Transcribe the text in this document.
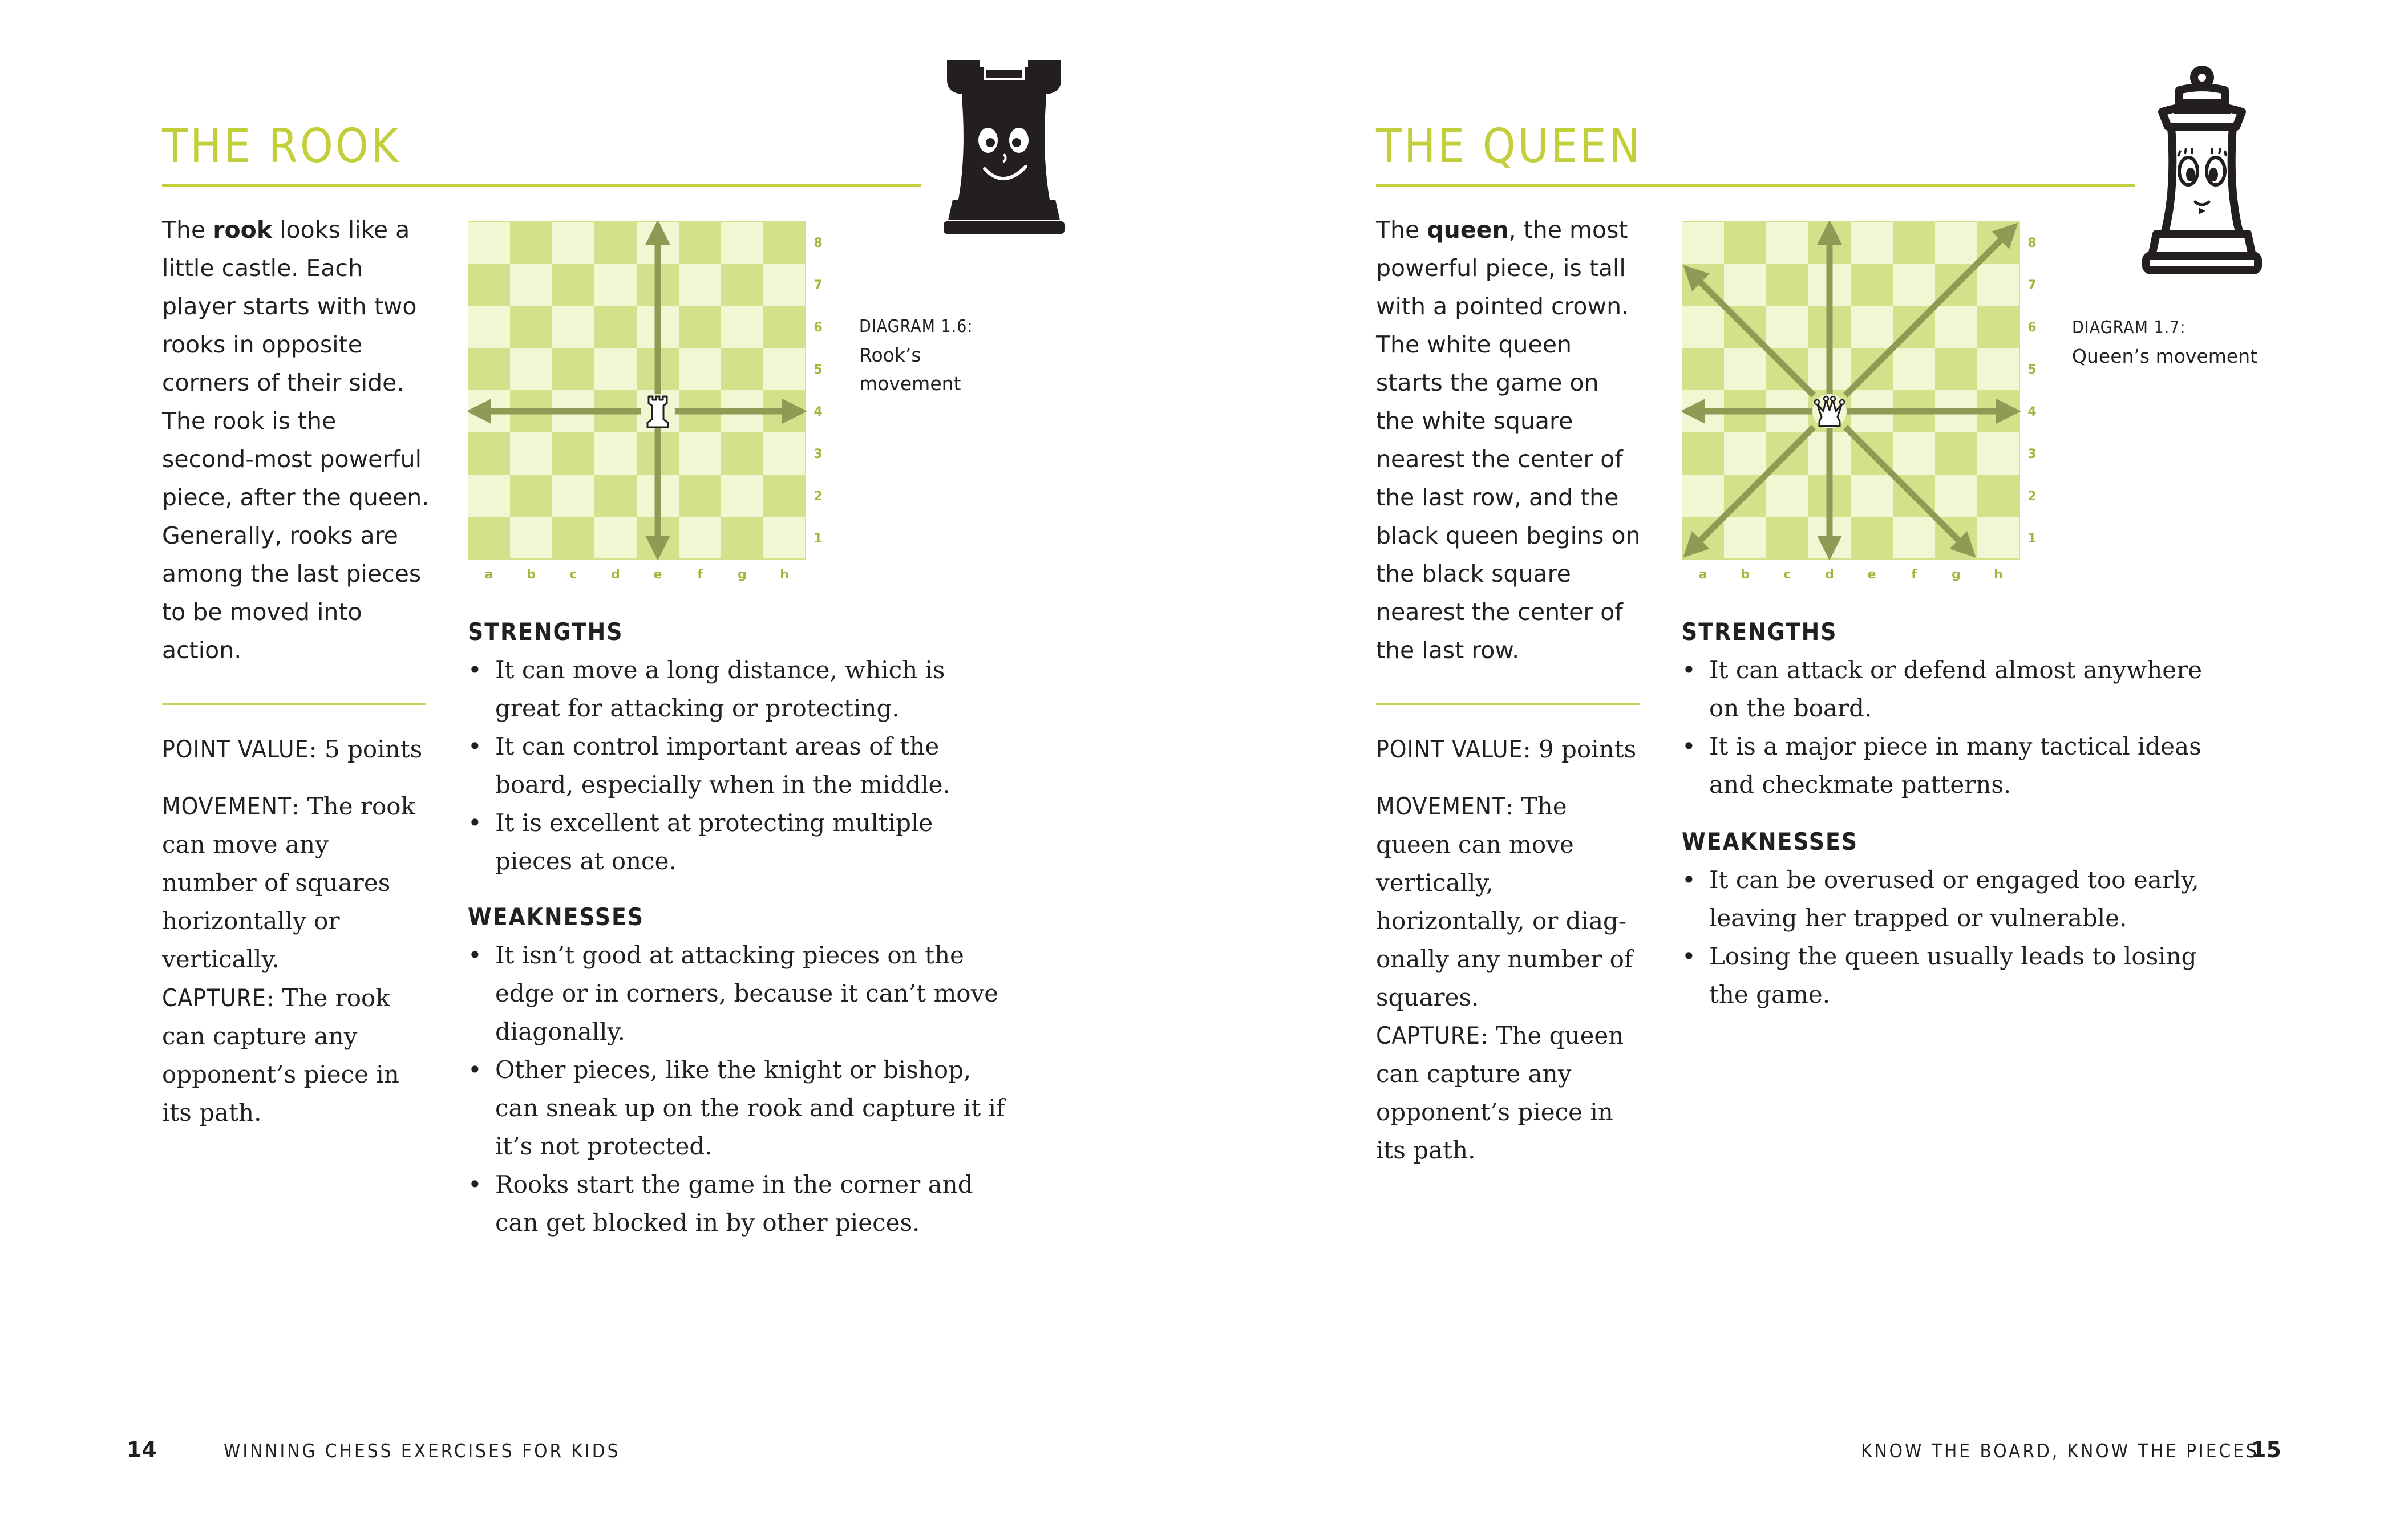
THE ROOK

The rook looks like a little castle. Each player starts with two rooks in opposite corners of their side. The rook is the second-most powerful piece, after the queen. Generally, rooks are among the last pieces to be moved into action.

POINT VALUE: 5 points
MOVEMENT: The rook can move any number of squares horizontally or vertically.
CAPTURE: The rook can capture any opponent’s piece in its path.
a	b	c	d	e	f	g	h
8
7
6
5
4
3
2
1
DIAGRAM 1.6:
Rook’s movement
STRENGTHS
• It can move a long distance, which is great for attacking or protecting.
• It can control important areas of the board, especially when in the middle.
• It is excellent at protecting multiple pieces at once.
WEAKNESSES
• It isn’t good at attacking pieces on the edge or in corners, because it can’t move diagonally.
• Other pieces, like the knight or bishop, can sneak up on the rook and capture it if it’s not protected.
• Rooks start the game in the corner and can get blocked in by other pieces.
14	WINNING CHESS EXERCISES FOR KIDS
THE QUEEN

The queen, the most powerful piece, is tall with a pointed crown. The white queen starts the game on the white square nearest the center of the last row, and the black queen begins on the black square nearest the center of the last row.

POINT VALUE: 9 points
MOVEMENT: The queen can move vertically, horizontally, or diagonally any number of squares.
CAPTURE: The queen can capture any opponent’s piece in its path.
a	b	c	d	e	f	g	h
8
7
6
5
4
3
2
1
DIAGRAM 1.7: Queen’s movement
STRENGTHS
• It can attack or defend almost anywhere on the board.
• It is a major piece in many tactical ideas and checkmate patterns.
WEAKNESSES
• It can be overused or engaged too early, leaving her trapped or vulnerable.
• Losing the queen usually leads to losing the game.
KNOW THE BOARD, KNOW THE PIECES
15
